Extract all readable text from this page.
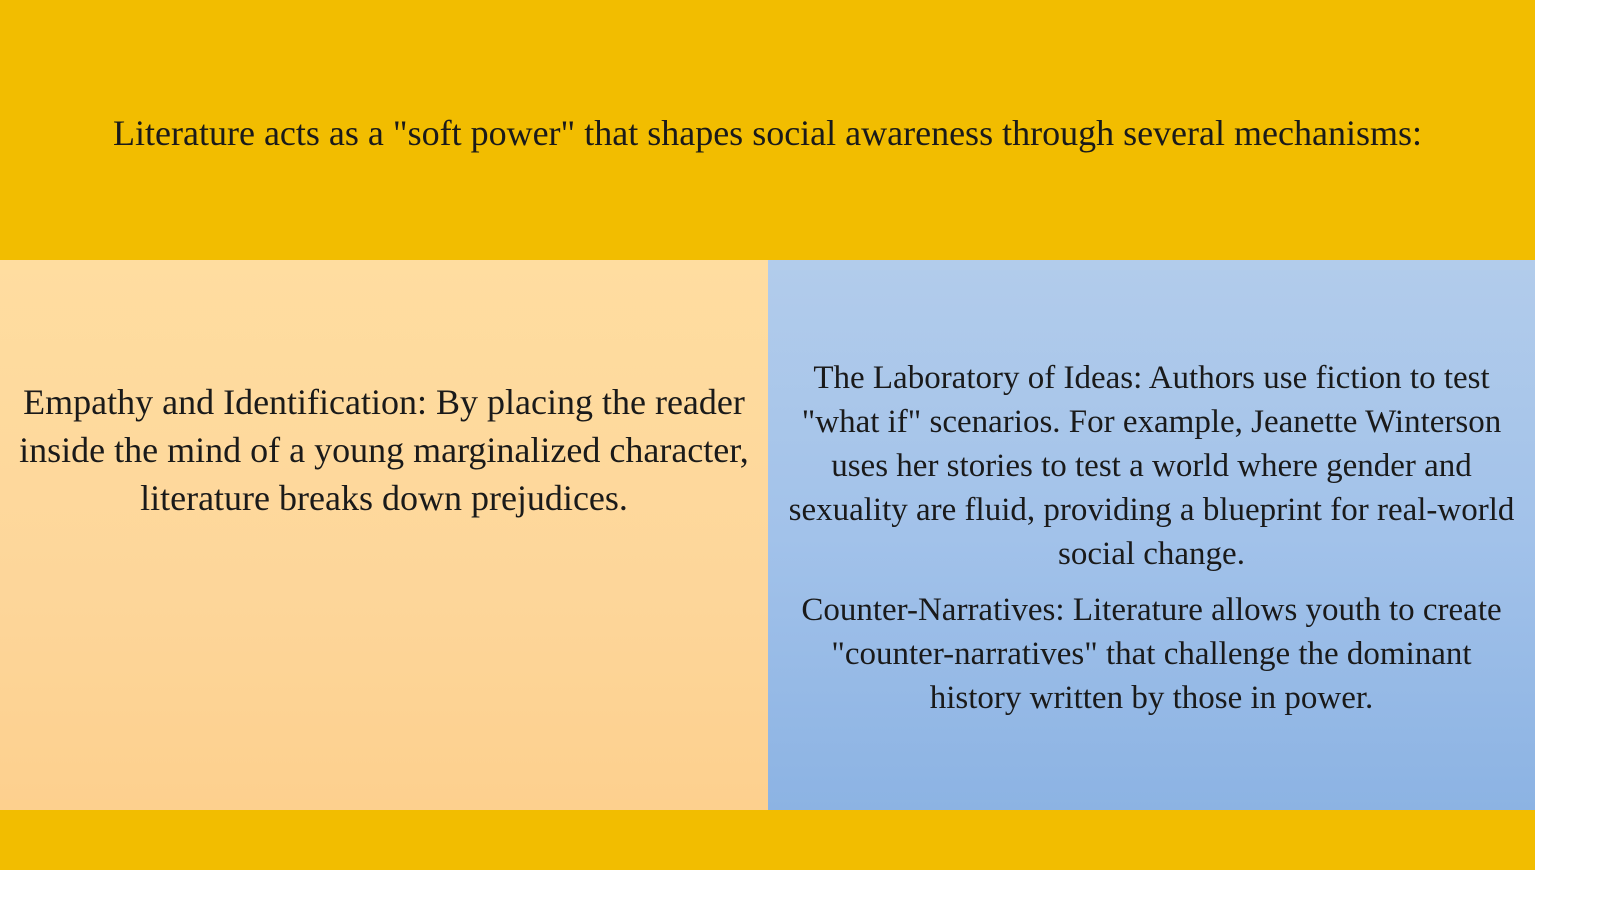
Literature acts as a "soft power" that shapes social awareness through several mechanisms:
Empathy and Identification: By placing the reader inside the mind of a young marginalized character, literature breaks down prejudices.

The Laboratory of Ideas: Authors use fiction to test "what if" scenarios. For example, Jeanette Winterson uses her stories to test a world where gender and sexuality are fluid, providing a blueprint for real-world social change.

Counter-Narratives: Literature allows youth to create "counter-narratives" that challenge the dominant history written by those in power.
